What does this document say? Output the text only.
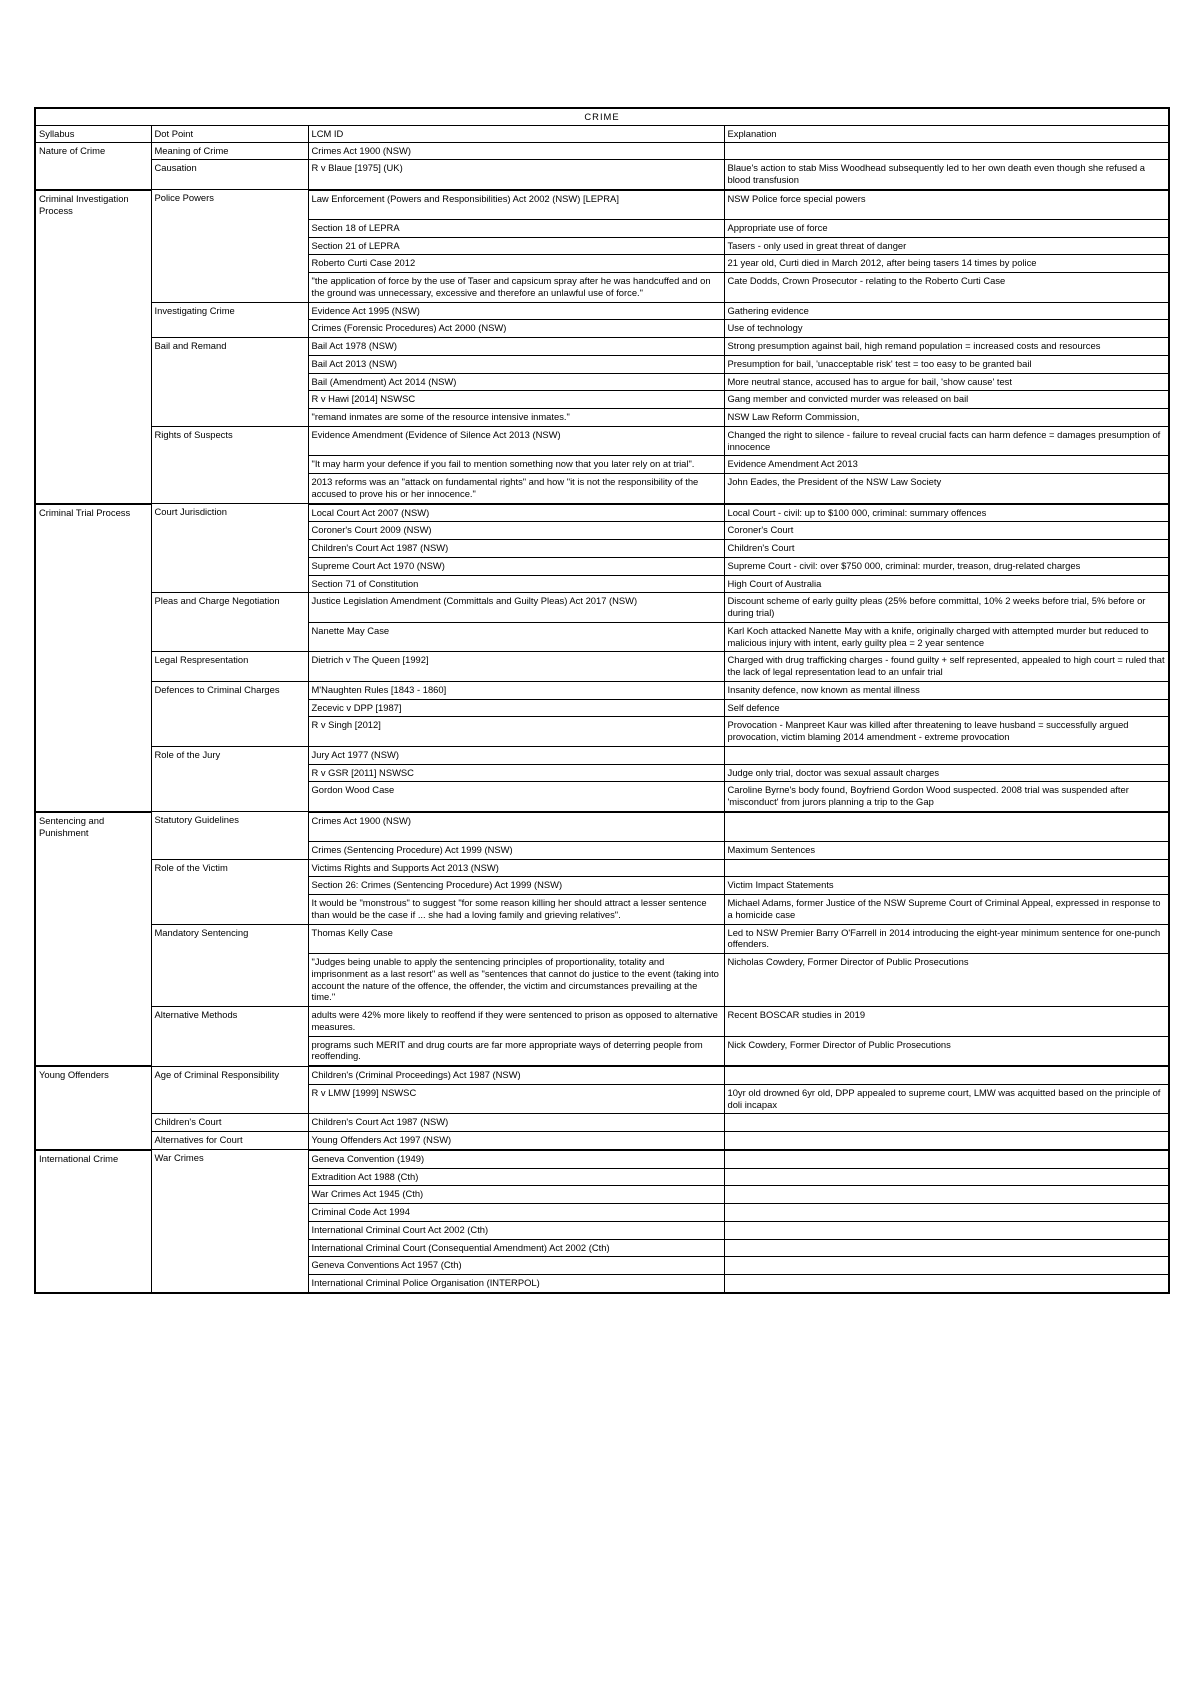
CRIME			
Syllabus	Dot Point	LCM ID	Explanation
Nature of Crime	Meaning of Crime	Crimes Act 1900 (NSW)	
	Causation	R v Blaue [1975] (UK)	Blaue's action to stab Miss Woodhead subsequently led to her own death even though she refused a blood transfusion
Criminal Investigation Process	Police Powers	Law Enforcement (Powers and Responsibilities) Act 2002 (NSW) [LEPRA]	NSW Police force special powers
		Section 18 of LEPRA	Appropriate use of force
		Section 21 of LEPRA	Tasers - only used in great threat of danger
		Roberto Curti Case 2012	21 year old, Curti died in March 2012, after being tasers 14 times by police
		"the application of force by the use of Taser and capsicum spray after he was handcuffed and on the ground was unnecessary, excessive and therefore an unlawful use of force."	Cate Dodds, Crown Prosecutor - relating to the Roberto Curti Case
	Investigating Crime	Evidence Act 1995 (NSW)	Gathering evidence
		Crimes (Forensic Procedures) Act 2000 (NSW)	Use of technology
	Bail and Remand	Bail Act 1978 (NSW)	Strong presumption against bail, high remand population = increased costs and resources
		Bail Act 2013 (NSW)	Presumption for bail, 'unacceptable risk' test = too easy to be granted bail
		Bail (Amendment) Act 2014 (NSW)	More neutral stance, accused has to argue for bail, 'show cause' test
		R v Hawi [2014] NSWSC	Gang member and convicted murder was released on bail
		"remand inmates are some of the resource intensive inmates."	NSW Law Reform Commission,
	Rights of Suspects	Evidence Amendment (Evidence of Silence Act 2013 (NSW)	Changed the right to silence - failure to reveal crucial facts can harm defence = damages presumption of innocence
		"It may harm your defence if you fail to mention something now that you later rely on at trial".	Evidence Amendment Act 2013
		2013 reforms was an "attack on fundamental rights" and how "it is not the responsibility of the accused to prove his or her innocence."	John Eades, the President of the NSW Law Society
Criminal Trial Process	Court Jurisdiction	Local Court Act 2007 (NSW)	Local Court - civil: up to $100 000, criminal: summary offences
		Coroner's Court 2009 (NSW)	Coroner's Court
		Children's Court Act 1987 (NSW)	Children's Court
		Supreme Court Act 1970 (NSW)	Supreme Court - civil: over $750 000, criminal: murder, treason, drug-related charges
		Section 71 of Constitution	High Court of Australia
	Pleas and Charge Negotiation	Justice Legislation Amendment (Committals and Guilty Pleas) Act 2017 (NSW)	Discount scheme of early guilty pleas (25% before committal, 10% 2 weeks before trial, 5% before or during trial)
		Nanette May Case	Karl Koch attacked Nanette May with a knife, originally charged with attempted murder but reduced to malicious injury with intent, early guilty plea = 2 year sentence
	Legal Respresentation	Dietrich v The Queen [1992]	Charged with drug trafficking charges - found guilty + self represented, appealed to high court = ruled that the lack of legal representation lead to an unfair trial
	Defences to Criminal Charges	M'Naughten Rules [1843 - 1860]	Insanity defence, now known as mental illness
		Zecevic v DPP [1987]	Self defence
		R v Singh [2012]	Provocation - Manpreet Kaur was killed after threatening to leave husband = successfully argued provocation, victim blaming 2014 amendment - extreme provocation
	Role of the Jury	Jury Act 1977 (NSW)	
		R v GSR [2011] NSWSC	Judge only trial, doctor was sexual assault charges
		Gordon Wood Case	Caroline Byrne's body found, Boyfriend Gordon Wood suspected. 2008 trial was suspended after 'misconduct' from jurors planning a trip to the Gap
Sentencing and Punishment	Statutory Guidelines	Crimes Act 1900 (NSW)	
		Crimes (Sentencing Procedure) Act 1999 (NSW)	Maximum Sentences
	Role of the Victim	Victims Rights and Supports Act 2013 (NSW)	
		Section 26: Crimes (Sentencing Procedure) Act 1999 (NSW)	Victim Impact Statements
		It would be "monstrous" to suggest "for some reason killing her should attract a lesser sentence than would be the case if ... she had a loving family and grieving relatives".	Michael Adams, former Justice of the NSW Supreme Court of Criminal Appeal, expressed in response to a homicide case
	Mandatory Sentencing	Thomas Kelly Case	Led to NSW Premier Barry O'Farrell in 2014 introducing the eight-year minimum sentence for one-punch offenders.
		"Judges being unable to apply the sentencing principles of proportionality, totality and imprisonment as a last resort" as well as "sentences that cannot do justice to the event (taking into account the nature of the offence, the offender, the victim and circumstances prevailing at the time."	Nicholas Cowdery, Former Director of Public Prosecutions
	Alternative Methods	adults were 42% more likely to reoffend if they were sentenced to prison as opposed to alternative measures.	Recent BOSCAR studies in 2019
		programs such MERIT and drug courts are far more appropriate ways of deterring people from reoffending.	Nick Cowdery, Former Director of Public Prosecutions
Young Offenders	Age of Criminal Responsibility	Children's (Criminal Proceedings) Act 1987 (NSW)	
		R v LMW [1999] NSWSC	10yr old drowned 6yr old, DPP appealed to supreme court, LMW was acquitted based on the principle of doli incapax
	Children's Court	Children's Court Act 1987 (NSW)	
	Alternatives for Court	Young Offenders Act 1997 (NSW)	
International Crime	War Crimes	Geneva Convention (1949)	
		Extradition Act 1988 (Cth)	
		War Crimes Act 1945 (Cth)	
		Criminal Code Act 1994	
		International Criminal Court Act 2002 (Cth)	
		International Criminal Court (Consequential Amendment) Act 2002 (Cth)	
		Geneva Conventions Act 1957 (Cth)	
		International Criminal Police Organisation (INTERPOL)	
